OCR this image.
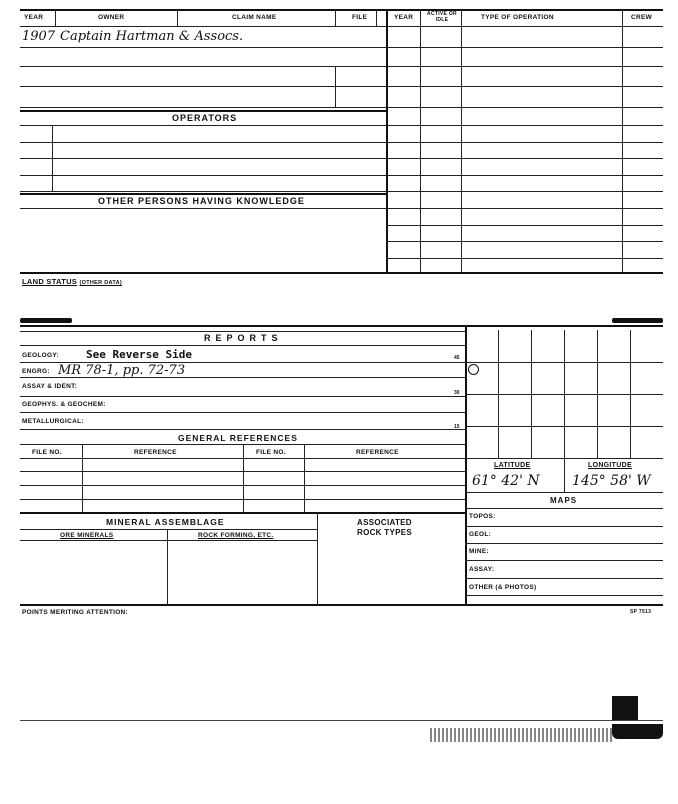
YEAR	OWNER	CLAIM NAME	FILE	YEAR	ACTIVE OR IDLE	TYPE OF OPERATION	CREW
1907 Captain Hartman & Assocs.
OPERATORS
OTHER PERSONS HAVING KNOWLEDGE
LAND STATUS (OTHER DATA)
REPORTS
GEOLOGY: See Reverse Side	45
ENGRG: MR 78-1, pp. 72-73
ASSAY & IDENT:
30
GEOPHYS. & GEOCHEM:
METALLURGICAL:
15
GENERAL REFERENCES
FILE NO.	REFERENCE	FILE NO.	REFERENCE
MINERAL ASSEMBLAGE
ORE MINERALS	ROCK FORMING, ETC.
ASSOCIATED
ROCK TYPES
LATITUDE	LONGITUDE
61° 42' N 145° 58' W
MAPS
TOPOS:
GEOL:
MINE:
ASSAY:
OTHER (& PHOTOS)
POINTS MERITING ATTENTION:	SP 7513
